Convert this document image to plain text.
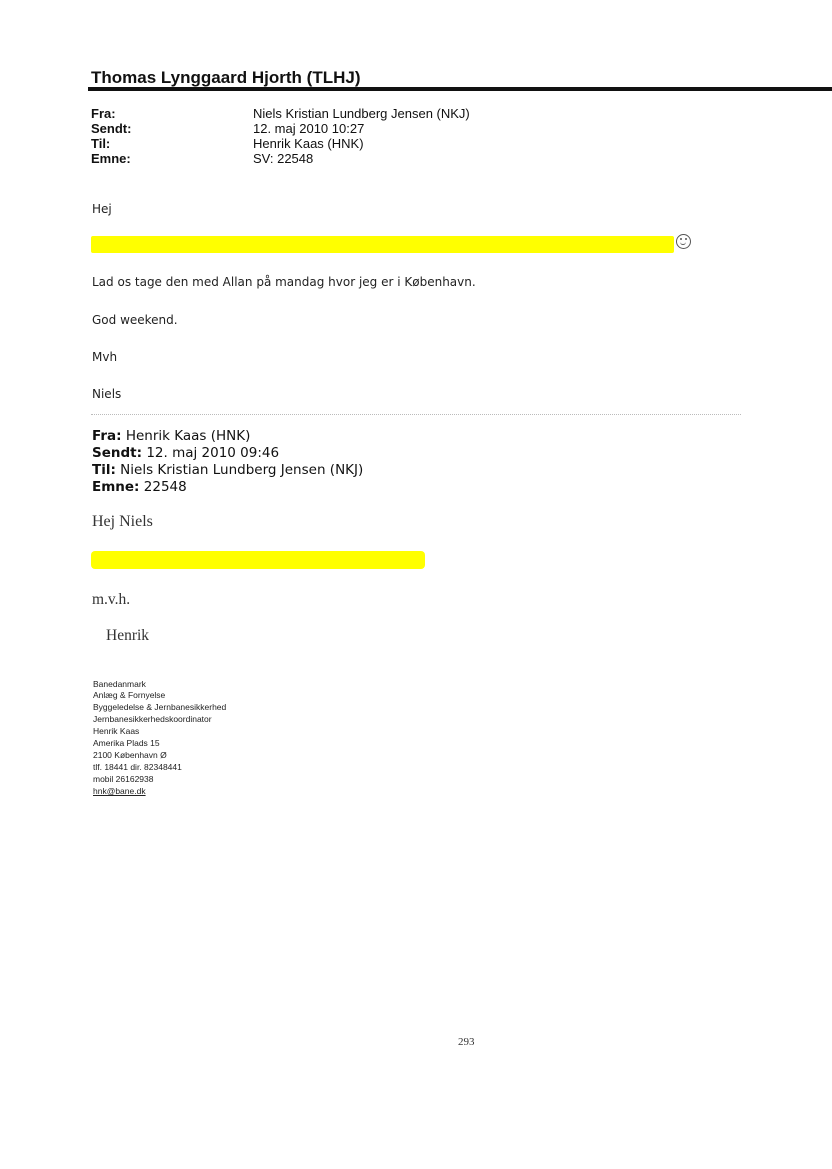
Thomas Lynggaard Hjorth (TLHJ)
Fra:	Niels Kristian Lundberg Jensen (NKJ)
Sendt:	12. maj 2010 10:27
Til:	Henrik Kaas (HNK)
Emne:	SV: 22548
Hej
Lad os tage den med Allan på mandag hvor jeg er i København.
God weekend.
Mvh
Niels
Fra: Henrik Kaas (HNK)
Sendt: 12. maj 2010 09:46
Til: Niels Kristian Lundberg Jensen (NKJ)
Emne: 22548
Hej Niels
m.v.h.
Henrik
Banedanmark
Anlæg & Fornyelse
Byggeledelse & Jernbanesikkerhed
Jernbanesikkerhedskoordinator
Henrik Kaas
Amerika Plads 15
2100 København Ø
tlf. 18441 dir. 82348441
mobil 26162938
hnk@bane.dk
293
